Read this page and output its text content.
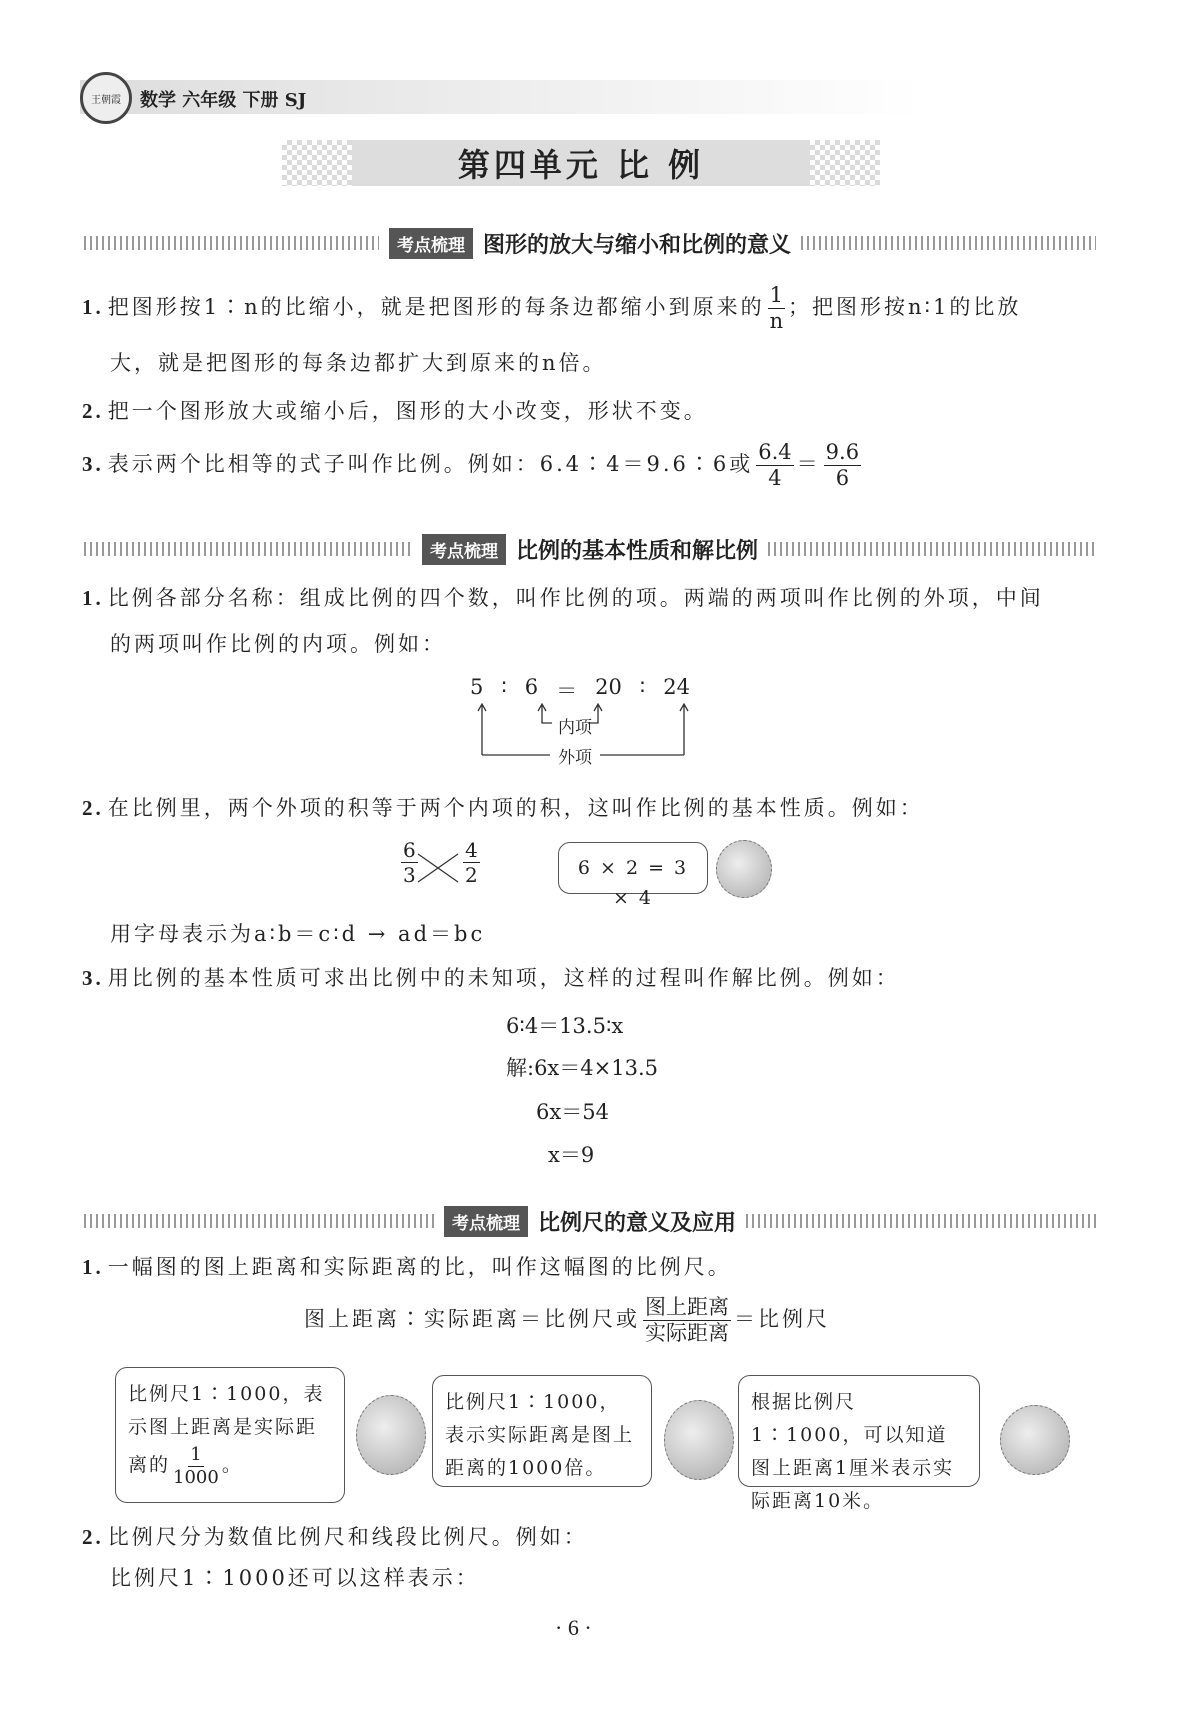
王朝霞 数学 六年级 下册 SJ
第四单元 比 例
考点梳理 图形的放大与缩小和比例的意义
1. 把图形按1∶n的比缩小，就是把图形的每条边都缩小到原来的 $\frac{1}{n}$ ；把图形按n∶1的比放
大，就是把图形的每条边都扩大到原来的n倍。
2. 把一个图形放大或缩小后，图形的大小改变，形状不变。
3. 表示两个比相等的式子叫作比例。例如：6.4∶4＝9.6∶6或 $\frac{6.4}{4} = \frac{9.6}{6}$
考点梳理 比例的基本性质和解比例
1. 比例各部分名称：组成比例的四个数，叫作比例的项。两端的两项叫作比例的外项，中间
的两项叫作比例的内项。例如：
5 ∶ 6 ＝ 20 ∶ 24
内项
外项
2. 在比例里，两个外项的积等于两个内项的积，这叫作比例的基本性质。例如：
$\frac{6}{3} \frac{4}{2}$	6 × 2 = 3 × 4
用字母表示为a∶b＝c∶d → ad＝bc
3. 用比例的基本性质可求出比例中的未知项，这样的过程叫作解比例。例如：
6∶4＝13.5∶x
解:6x＝4×13.5
6x＝54
x＝9
考点梳理 比例尺的意义及应用
1. 一幅图的图上距离和实际距离的比，叫作这幅图的比例尺。
图上距离∶实际距离＝比例尺或 $\frac{\text{图上距离}}{\text{实际距离}}$ ＝比例尺
比例尺1∶1000，表示图上距离是实际距离的 $\frac{1}{1000}$ 。
比例尺1∶1000，表示实际距离是图上距离的1000倍。
根据比例尺1∶1000，可以知道图上距离1厘米表示实际距离10米。
2. 比例尺分为数值比例尺和线段比例尺。例如：
比例尺1∶1000还可以这样表示：
· 6 ·
